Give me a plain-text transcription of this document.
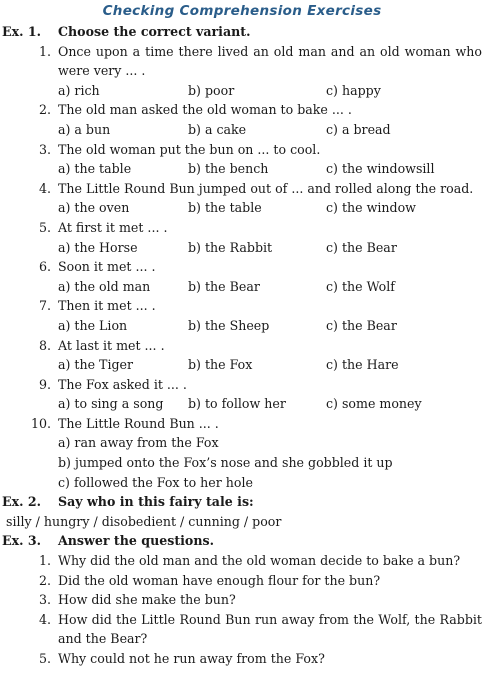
Checking Comprehension Exercises
Ex. 1.	Choose the correct variant.
1. Once upon a time there lived an old man and an old woman who were very ... .
a) rich	b) poor	c) happy
2. The old man asked the old woman to bake ... .
a) a bun	b) a cake	c) a bread
3. The old woman put the bun on ... to cool.
a) the table	b) the bench	c) the windowsill
4. The Little Round Bun jumped out of ... and rolled along the road.
a) the oven	b) the table	c) the window
5. At first it met ... .
a) the Horse	b) the Rabbit	c) the Bear
6. Soon it met ... .
a) the old man	b) the Bear	c) the Wolf
7. Then it met ... .
a) the Lion	b) the Sheep	c) the Bear
8. At last it met ... .
a) the Tiger	b) the Fox	c) the Hare
9. The Fox asked it ... .
a) to sing a song	b) to follow her	c) some money
10. The Little Round Bun ... .
a) ran away from the Fox
b) jumped onto the Fox’s nose and she gobbled it up
c) followed the Fox to her hole
Ex. 2.	Say who in this fairy tale is:
silly / hungry / disobedient / cunning / poor
Ex. 3.	Answer the questions.
1. Why did the old man and the old woman decide to bake a bun?
2. Did the old woman have enough flour for the bun?
3. How did she make the bun?
4. How did the Little Round Bun run away from the Wolf, the Rabbit and the Bear?
5. Why could not he run away from the Fox?
